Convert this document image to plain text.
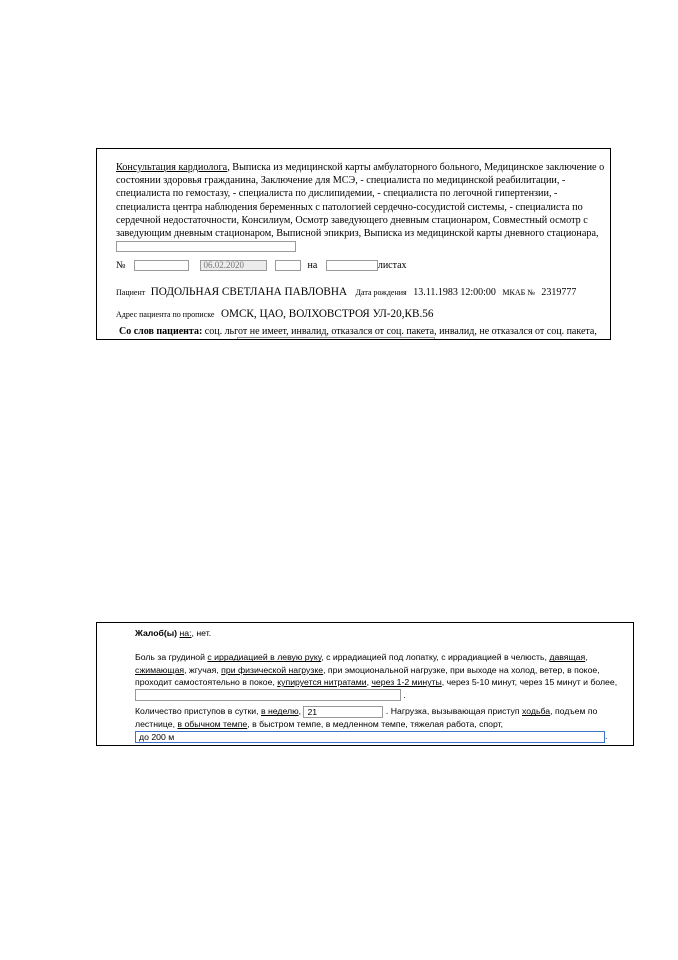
Консультация кардиолога, Выписка из медицинской карты амбулаторного больного, Медицинское заключение о состоянии здоровья гражданина, Заключение для МСЭ, - специалиста по медицинской реабилитации, - специалиста по гемостазу, - специалиста по дислипидемии, - специалиста по легочной гипертензии, - специалиста центра наблюдения беременных с патологией сердечно-сосудистой системы, - специалиста по сердечной недостаточности, Консилиум, Осмотр заведующего дневным стационаром, Совместный осмотр с заведующим дневным стационаром, Выписной эпикриз, Выписка из медицинской карты дневного стационара,
№	06.02.2020	на	листах
Пациент ПОДОЛЬНАЯ СВЕТЛАНА ПАВЛОВНА Дата рождения 13.11.1983 12:00:00 МКАБ № 2319777
Адрес пациента по прописке ОМСК, ЦАО, ВОЛХОВСТРОЯ УЛ-20,КВ.56
Со слов пациента: соц. льгот не имеет, инвалид, отказался от соц. пакета, инвалид, не отказался от соц. пакета,
Жалоб(ы) на:, нет.
Боль за грудиной с иррадиацией в левую руку, с иррадиацией под лопатку, с иррадиацией в челюсть, давящая, сжимающая, жгучая, при физической нагрузке, при эмоциональной нагрузке, при выходе на холод, ветер, в покое, проходит самостоятельно в покое, купируется нитратами, через 1-2 минуты, через 5-10 минут, через 15 минут и более,  .
Количество приступов в сутки, в неделю, 21	. Нагрузка, вызывающая приступ ходьба, подъем по лестнице, в обычном темпе, в быстром темпе, в медленном темпе, тяжелая работа, спорт,
до 200 м	.
